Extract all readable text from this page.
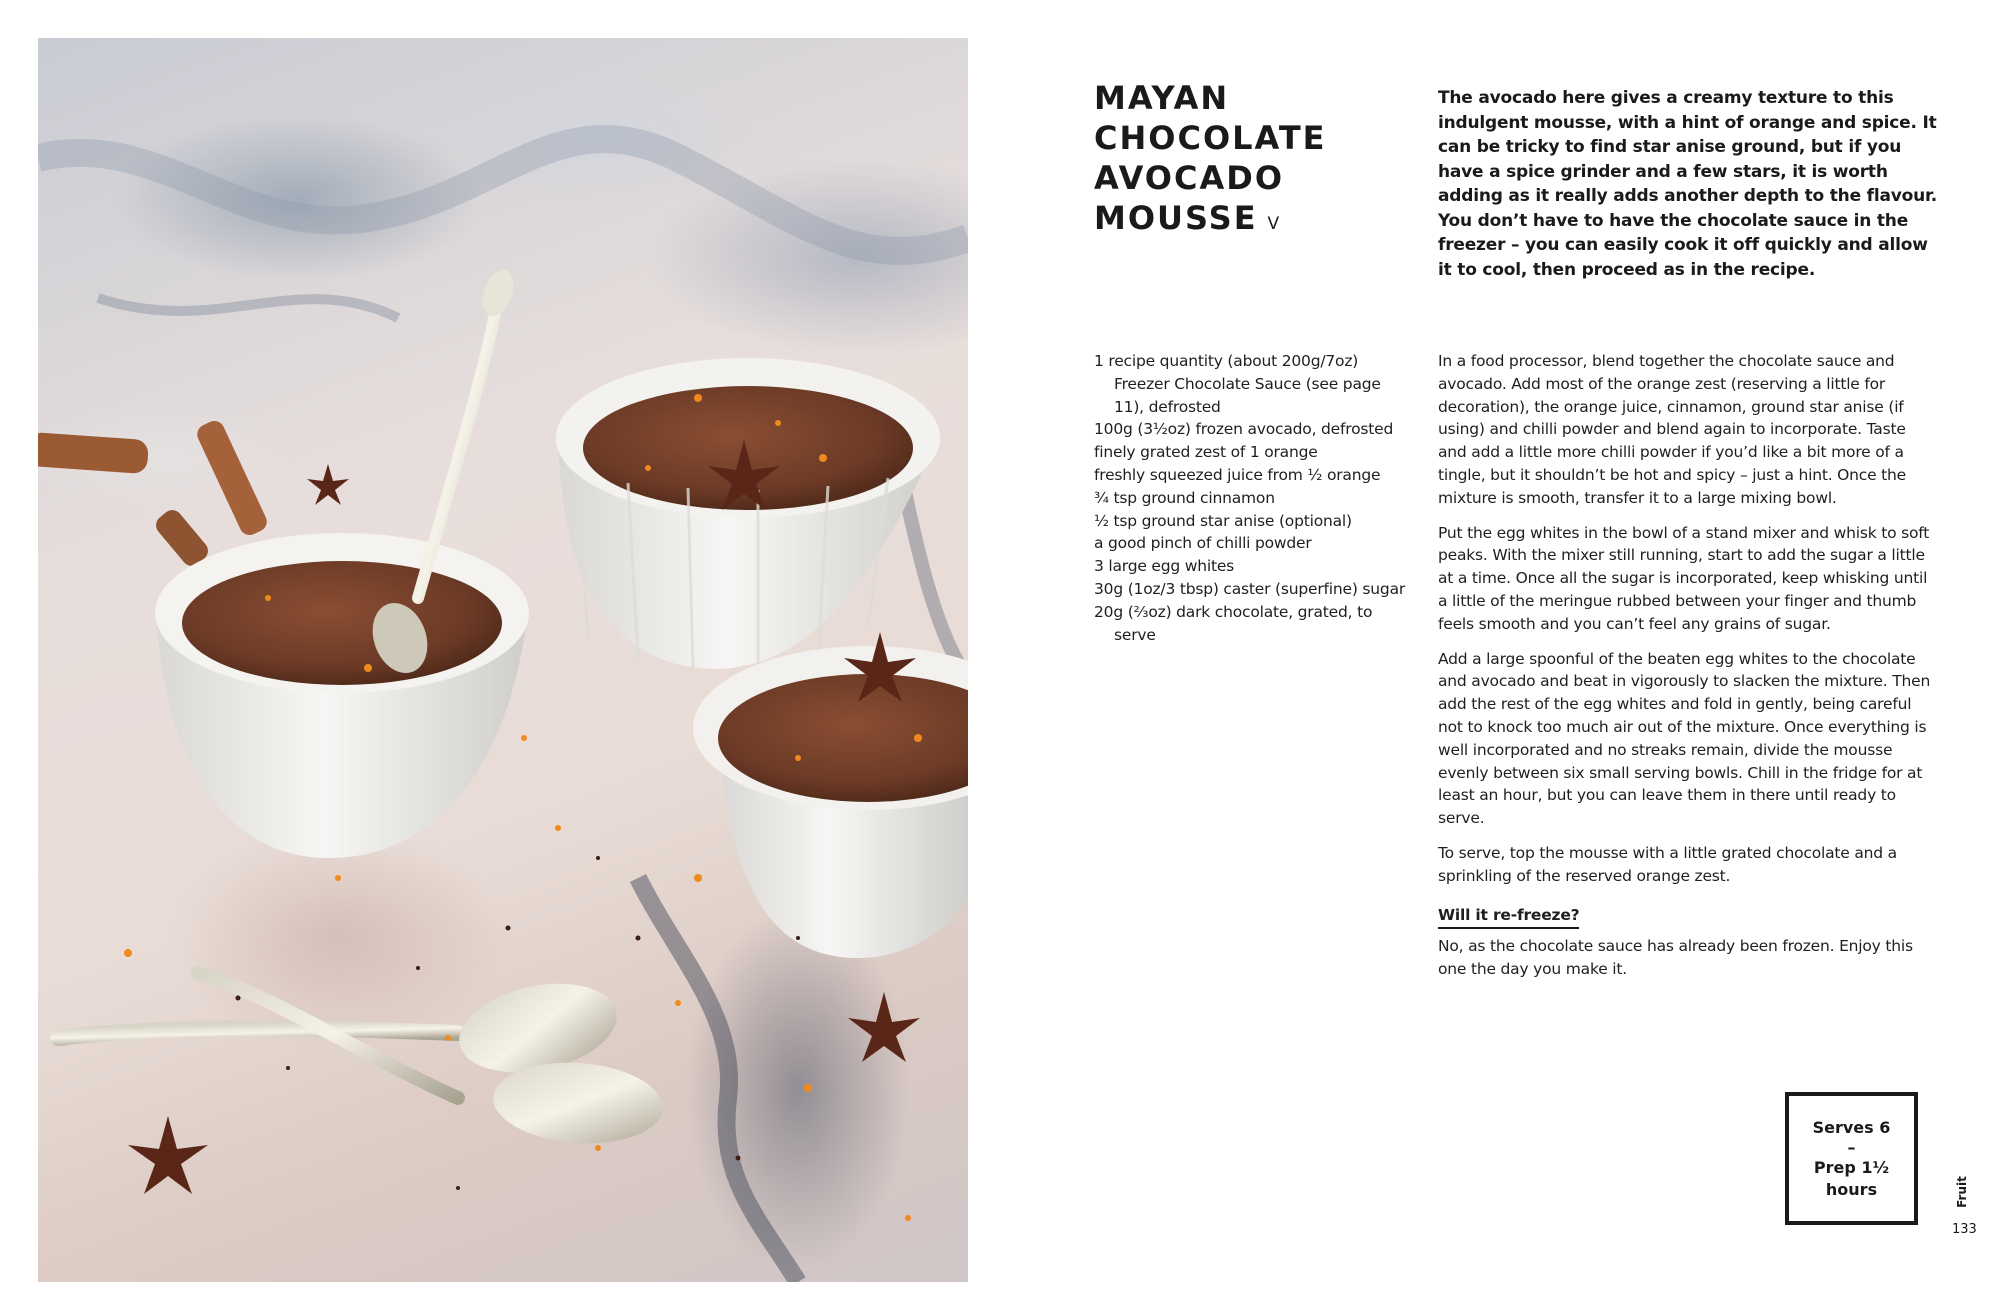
MAYAN
CHOCOLATE
AVOCADO
MOUSSE V

The avocado here gives a creamy texture to this indulgent mousse, with a hint of orange and spice. It can be tricky to find star anise ground, but if you have a spice grinder and a few stars, it is worth adding as it really adds another depth to the flavour. You don’t have to have the chocolate sauce in the freezer – you can easily cook it off quickly and allow it to cool, then proceed as in the recipe.

1 recipe quantity (about 200g/7oz) Freezer Chocolate Sauce (see page 11), defrosted
100g (3½oz) frozen avocado, defrosted
finely grated zest of 1 orange
freshly squeezed juice from ½ orange
¾ tsp ground cinnamon
½ tsp ground star anise (optional)
a good pinch of chilli powder
3 large egg whites
30g (1oz/3 tbsp) caster (superfine) sugar
20g (⅔oz) dark chocolate, grated, to serve

In a food processor, blend together the chocolate sauce and avocado. Add most of the orange zest (reserving a little for decoration), the orange juice, cinnamon, ground star anise (if using) and chilli powder and blend again to incorporate. Taste and add a little more chilli powder if you’d like a bit more of a tingle, but it shouldn’t be hot and spicy – just a hint. Once the mixture is smooth, transfer it to a large mixing bowl.

Put the egg whites in the bowl of a stand mixer and whisk to soft peaks. With the mixer still running, start to add the sugar a little at a time. Once all the sugar is incorporated, keep whisking until a little of the meringue rubbed between your finger and thumb feels smooth and you can’t feel any grains of sugar.

Add a large spoonful of the beaten egg whites to the chocolate and avocado and beat in vigorously to slacken the mixture. Then add the rest of the egg whites and fold in gently, being careful not to knock too much air out of the mixture. Once everything is well incorporated and no streaks remain, divide the mousse evenly between six small serving bowls. Chill in the fridge for at least an hour, but you can leave them in there until ready to serve.

To serve, top the mousse with a little grated chocolate and a sprinkling of the reserved orange zest.

Will it re-freeze?

No, as the chocolate sauce has already been frozen. Enjoy this one the day you make it.

Serves 6
–
Prep 1½ hours	Fruit
133
